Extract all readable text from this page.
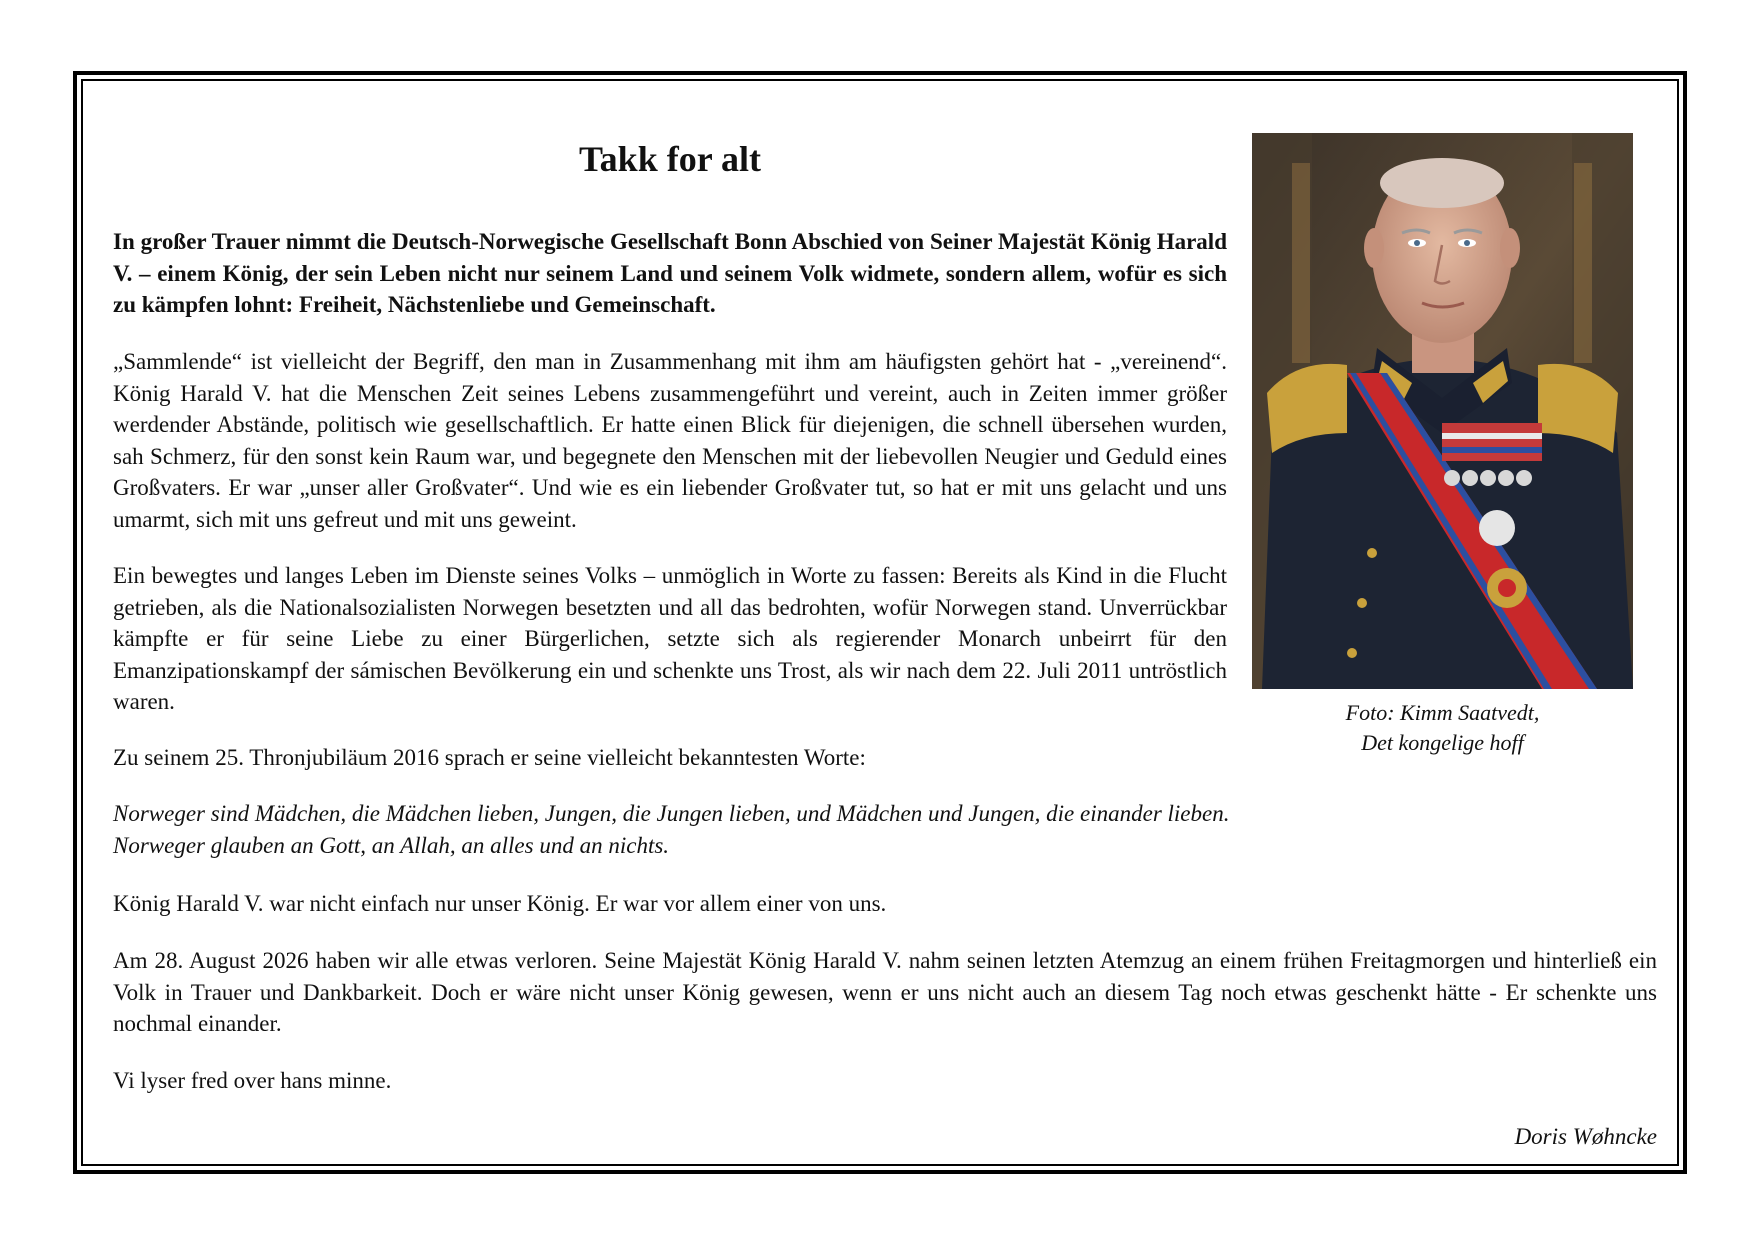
Takk for alt

In großer Trauer nimmt die Deutsch-Norwegische Gesellschaft Bonn Abschied von Seiner Majestät König Harald V. – einem König, der sein Leben nicht nur seinem Land und seinem Volk widmete, sondern allem, wofür es sich zu kämpfen lohnt: Freiheit, Nächstenliebe und Gemeinschaft.

„Sammlende“ ist vielleicht der Begriff, den man in Zusammenhang mit ihm am häufigsten gehört hat - „vereinend“. König Harald V. hat die Menschen Zeit seines Lebens zusammengeführt und vereint, auch in Zeiten immer größer werdender Abstände, politisch wie gesellschaftlich. Er hatte einen Blick für diejenigen, die schnell übersehen wurden, sah Schmerz, für den sonst kein Raum war, und begegnete den Menschen mit der liebevollen Neugier und Geduld eines Großvaters. Er war „unser aller Großvater“. Und wie es ein liebender Großvater tut, so hat er mit uns gelacht und uns umarmt, sich mit uns gefreut und mit uns geweint.

Ein bewegtes und langes Leben im Dienste seines Volks – unmöglich in Worte zu fassen: Bereits als Kind in die Flucht getrieben, als die Nationalsozialisten Norwegen besetzten und all das bedrohten, wofür Norwegen stand. Unverrückbar kämpfte er für seine Liebe zu einer Bürgerlichen, setzte sich als regierender Monarch unbeirrt für den Emanzipationskampf der sámischen Bevölkerung ein und schenkte uns Trost, als wir nach dem 22. Juli 2011 untröstlich waren.

Zu seinem 25. Thronjubiläum 2016 sprach er seine vielleicht bekanntesten Worte:

Norweger sind Mädchen, die Mädchen lieben, Jungen, die Jungen lieben, und Mädchen und Jungen, die einander lieben.
Norweger glauben an Gott, an Allah, an alles und an nichts.

König Harald V. war nicht einfach nur unser König. Er war vor allem einer von uns.

Am 28. August 2026 haben wir alle etwas verloren. Seine Majestät König Harald V. nahm seinen letzten Atemzug an einem frühen Freitagmorgen und hinterließ ein Volk in Trauer und Dankbarkeit. Doch er wäre nicht unser König gewesen, wenn er uns nicht auch an diesem Tag noch etwas geschenkt hätte - Er schenkte uns nochmal einander.

Vi lyser fred over hans minne.

Foto: Kimm Saatvedt,
Det kongelige hoff
Doris Wøhncke
